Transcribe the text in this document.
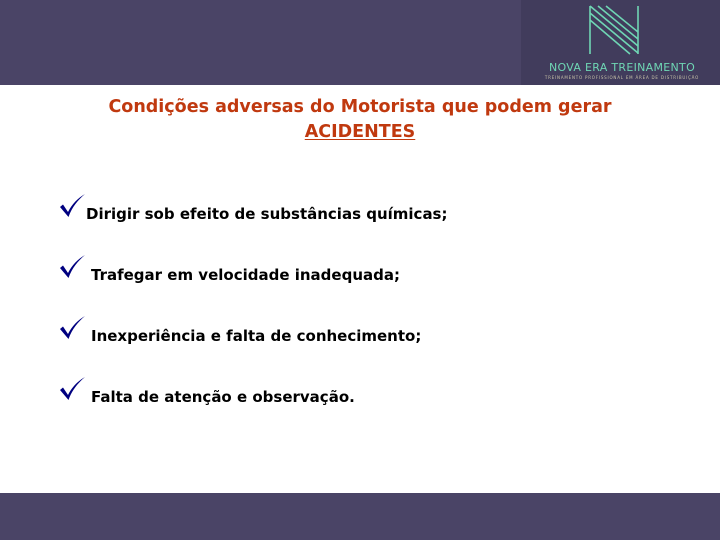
NOVA ERA TREINAMENTO
TREINAMENTO PROFISSIONAL EM ÁREA DE DISTRIBUIÇÃO
Condições adversas do Motorista que podem gerar
ACIDENTES
Dirigir sob efeito de substâncias químicas;
Trafegar em velocidade inadequada;
Inexperiência e falta de conhecimento;
Falta de atenção e observação.
